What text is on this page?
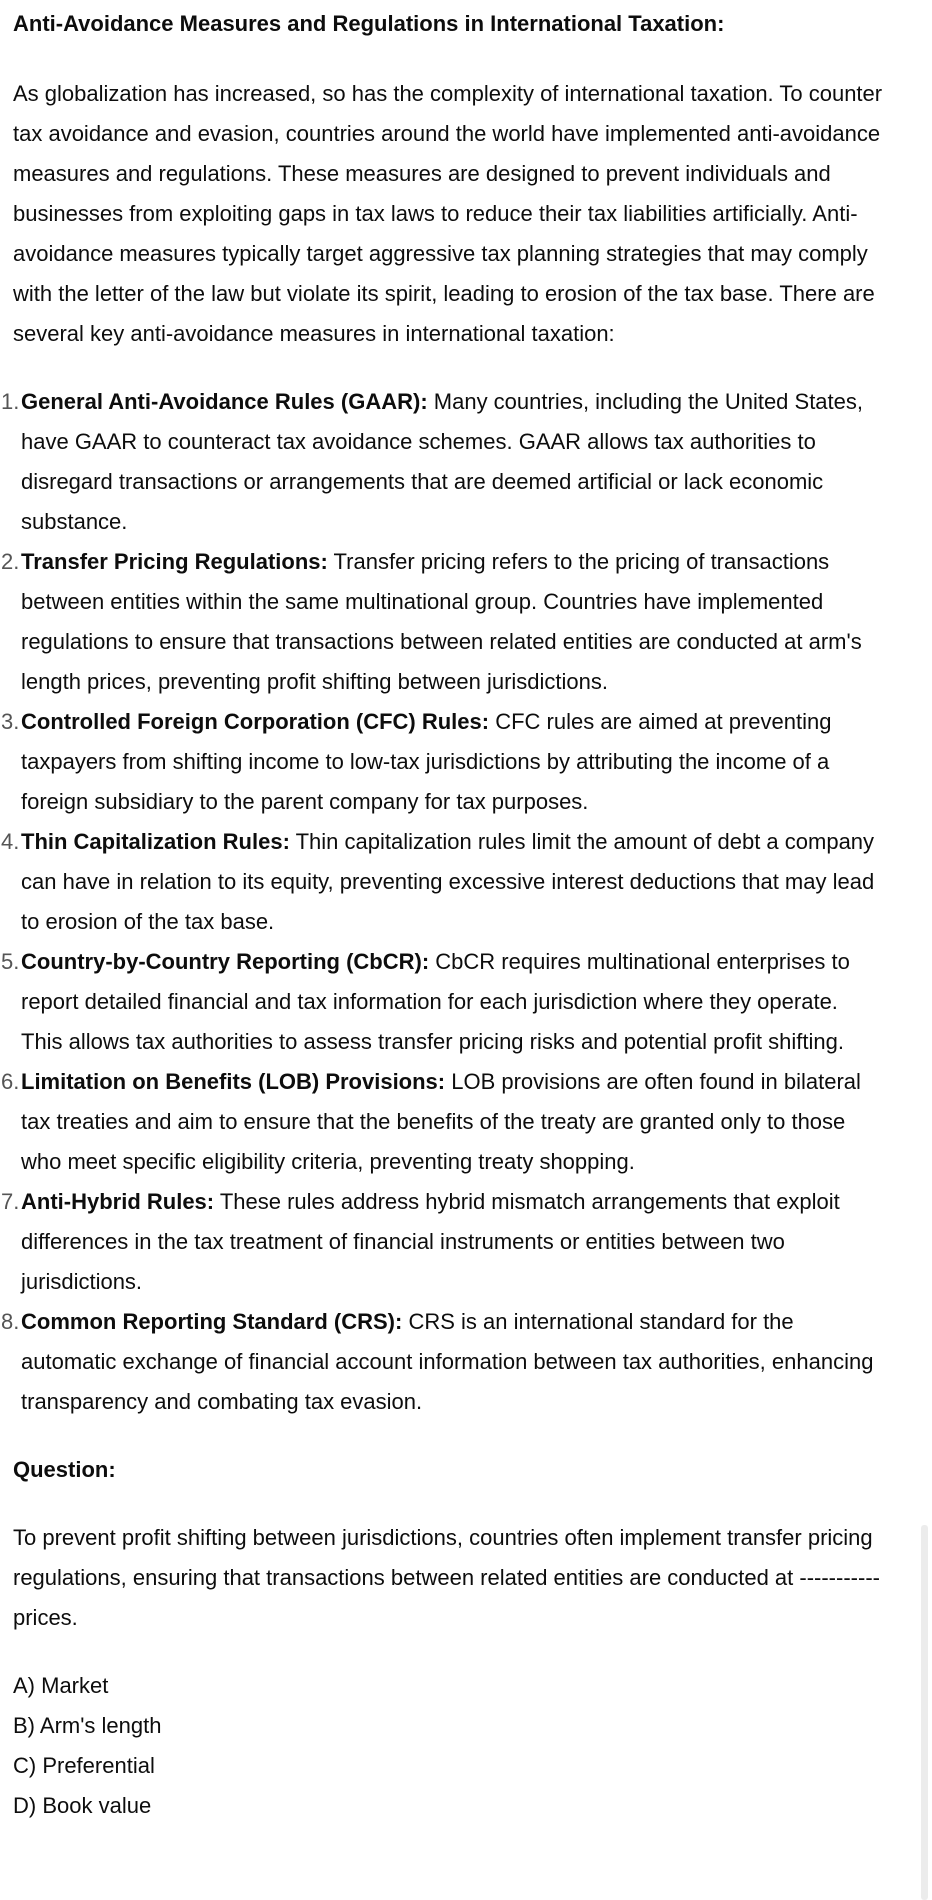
Anti-Avoidance Measures and Regulations in International Taxation:

As globalization has increased, so has the complexity of international taxation. To counter tax avoidance and evasion, countries around the world have implemented anti-avoidance measures and regulations. These measures are designed to prevent individuals and businesses from exploiting gaps in tax laws to reduce their tax liabilities artificially. Anti-avoidance measures typically target aggressive tax planning strategies that may comply with the letter of the law but violate its spirit, leading to erosion of the tax base. There are several key anti-avoidance measures in international taxation:

1. General Anti-Avoidance Rules (GAAR): Many countries, including the United States, have GAAR to counteract tax avoidance schemes. GAAR allows tax authorities to disregard transactions or arrangements that are deemed artificial or lack economic substance.
2. Transfer Pricing Regulations: Transfer pricing refers to the pricing of transactions between entities within the same multinational group. Countries have implemented regulations to ensure that transactions between related entities are conducted at arm's length prices, preventing profit shifting between jurisdictions.
3. Controlled Foreign Corporation (CFC) Rules: CFC rules are aimed at preventing taxpayers from shifting income to low-tax jurisdictions by attributing the income of a foreign subsidiary to the parent company for tax purposes.
4. Thin Capitalization Rules: Thin capitalization rules limit the amount of debt a company can have in relation to its equity, preventing excessive interest deductions that may lead to erosion of the tax base.
5. Country-by-Country Reporting (CbCR): CbCR requires multinational enterprises to report detailed financial and tax information for each jurisdiction where they operate. This allows tax authorities to assess transfer pricing risks and potential profit shifting.
6. Limitation on Benefits (LOB) Provisions: LOB provisions are often found in bilateral tax treaties and aim to ensure that the benefits of the treaty are granted only to those who meet specific eligibility criteria, preventing treaty shopping.
7. Anti-Hybrid Rules: These rules address hybrid mismatch arrangements that exploit differences in the tax treatment of financial instruments or entities between two jurisdictions.
8. Common Reporting Standard (CRS): CRS is an international standard for the automatic exchange of financial account information between tax authorities, enhancing transparency and combating tax evasion.
Question:

To prevent profit shifting between jurisdictions, countries often implement transfer pricing regulations, ensuring that transactions between related entities are conducted at ----------- prices.

A) Market
B) Arm's length
C) Preferential
D) Book value
